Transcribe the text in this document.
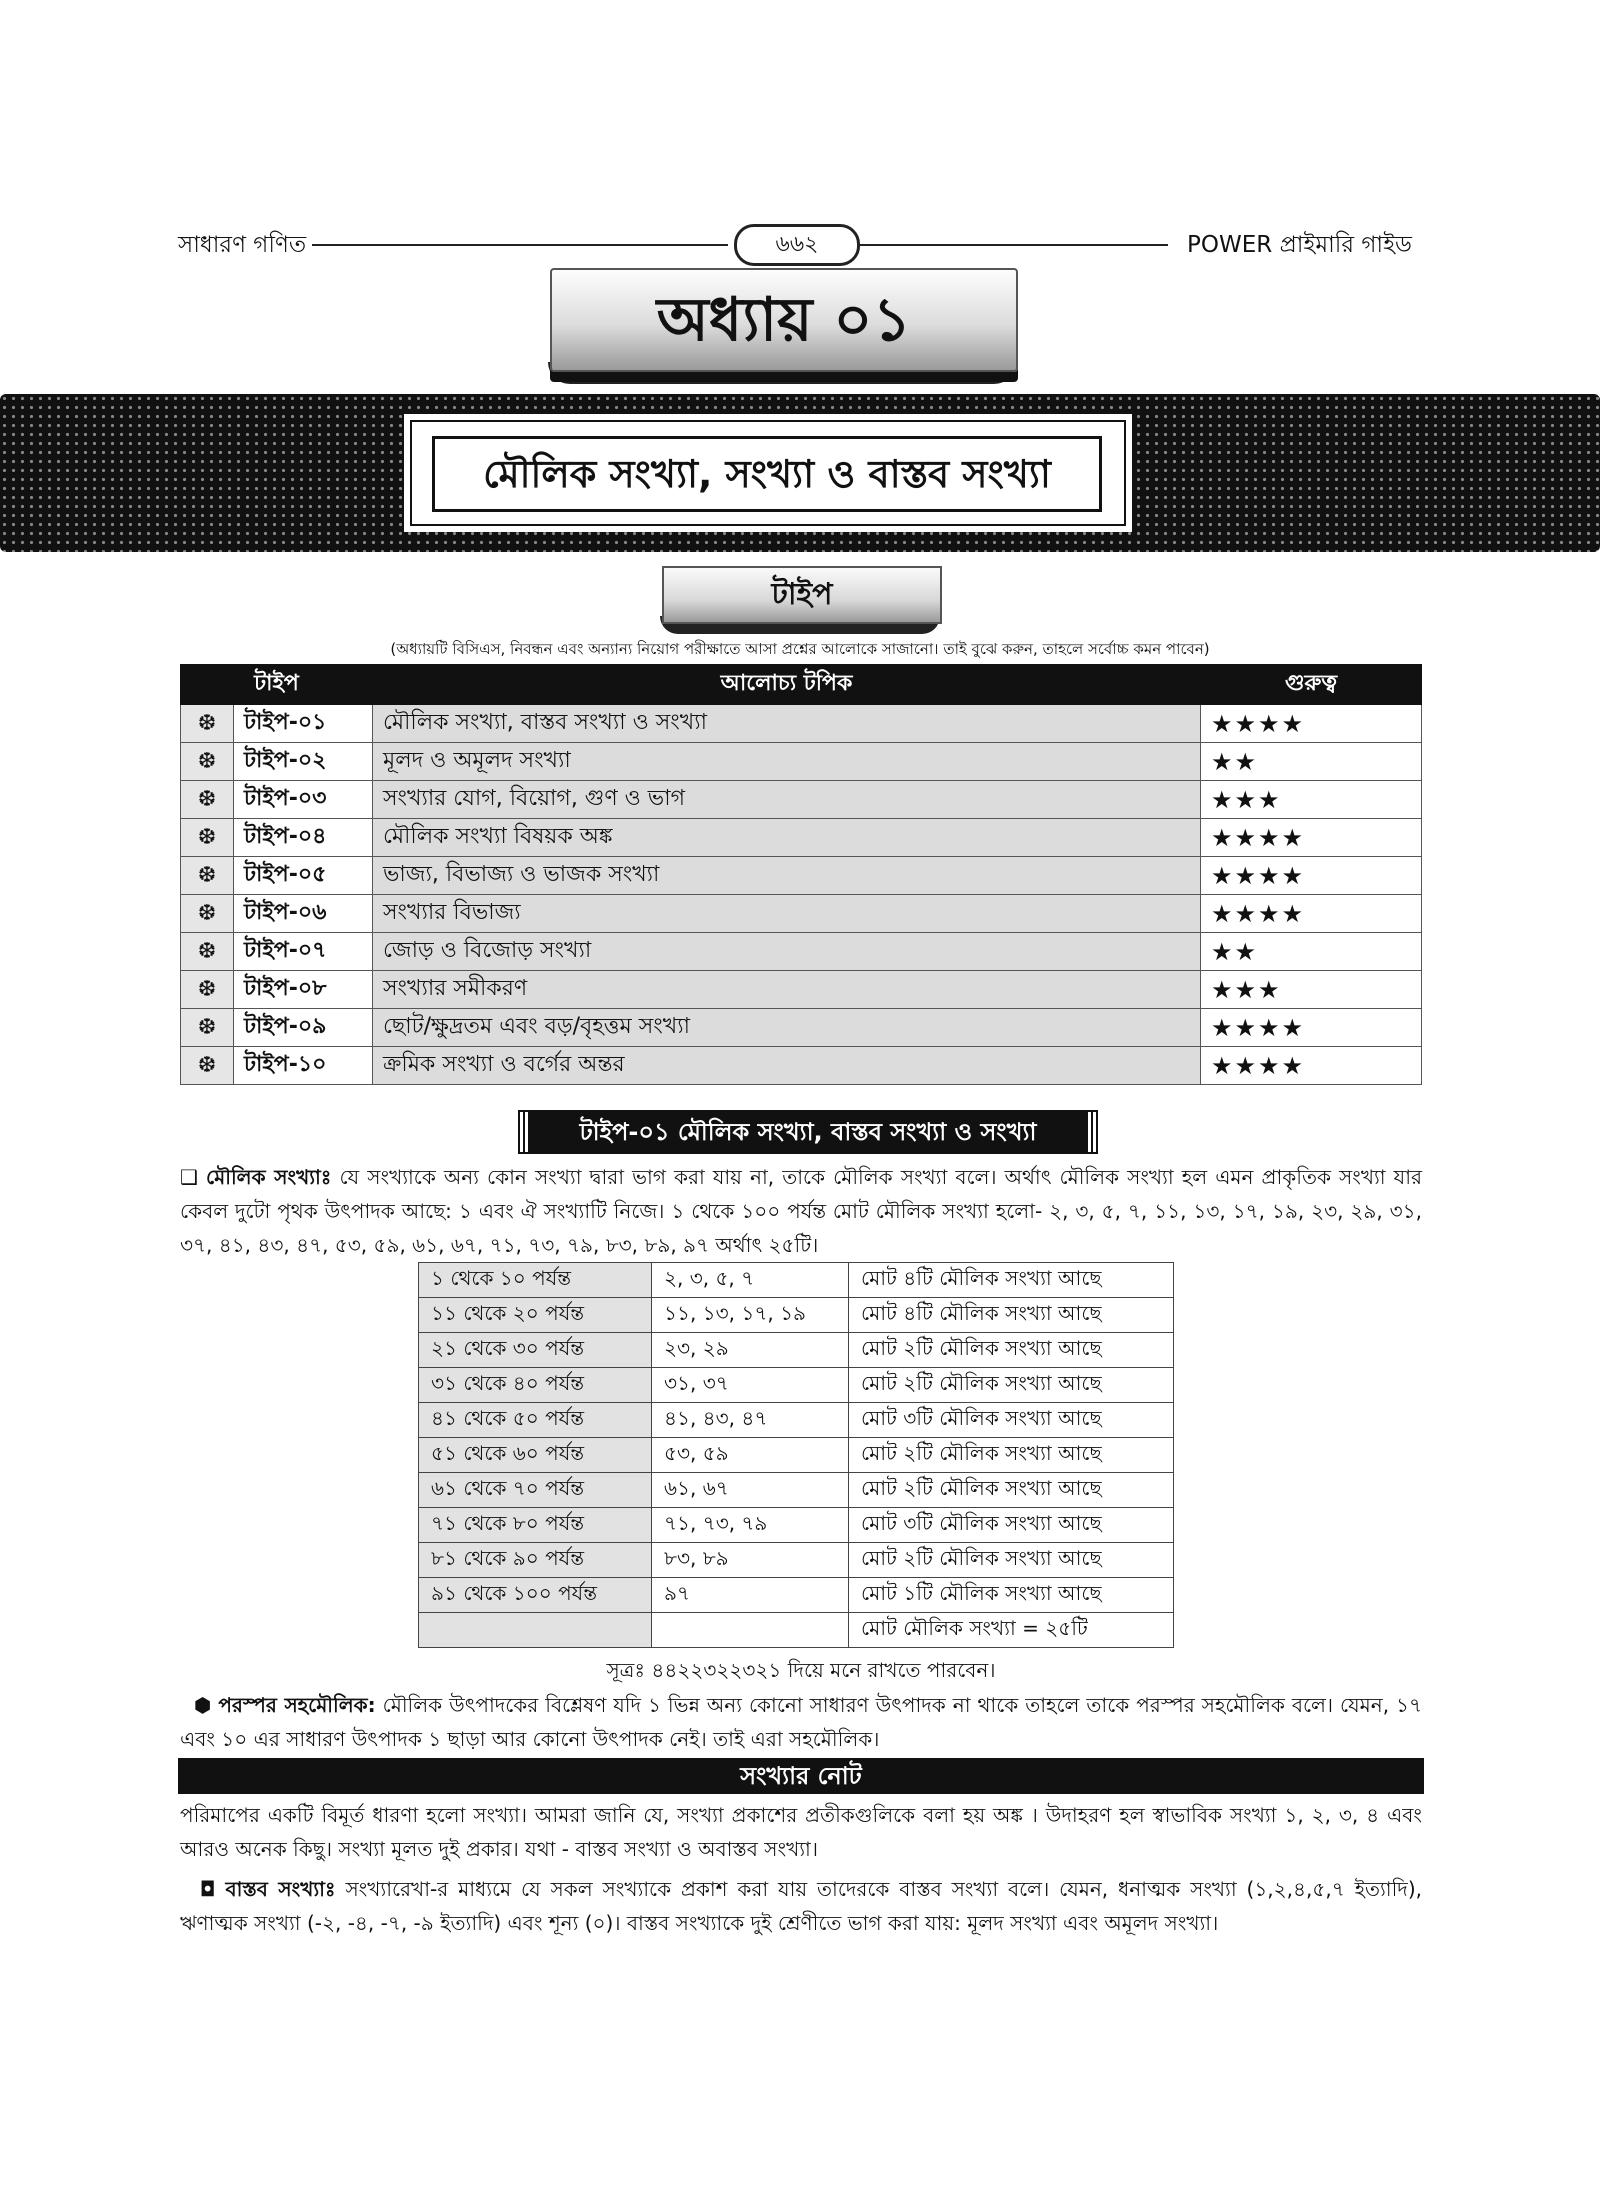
সাধারণ গণিত	৬৬২	POWER প্রাইমারি গাইড
অধ্যায় ০১
মৌলিক সংখ্যা, সংখ্যা ও বাস্তব সংখ্যা
টাইপ
(অধ্যায়টি বিসিএস, নিবন্ধন এবং অন্যান্য নিয়োগ পরীক্ষাতে আসা প্রশ্নের আলোকে সাজানো। তাই বুঝে করুন, তাহলে সর্বোচ্চ কমন পাবেন)
টাইপ		আলোচ্য টপিক	গুরুত্ব
❆	টাইপ-০১	মৌলিক সংখ্যা, বাস্তব সংখ্যা ও সংখ্যা	★★★★
❆	টাইপ-০২	মূলদ ও অমূলদ সংখ্যা	★★
❆	টাইপ-০৩	সংখ্যার যোগ, বিয়োগ, গুণ ও ভাগ	★★★
❆	টাইপ-০৪	মৌলিক সংখ্যা বিষয়ক অঙ্ক	★★★★
❆	টাইপ-০৫	ভাজ্য, বিভাজ্য ও ভাজক সংখ্যা	★★★★
❆	টাইপ-০৬	সংখ্যার বিভাজ্য	★★★★
❆	টাইপ-০৭	জোড় ও বিজোড় সংখ্যা	★★
❆	টাইপ-০৮	সংখ্যার সমীকরণ	★★★
❆	টাইপ-০৯	ছোট/ক্ষুদ্রতম এবং বড়/বৃহত্তম সংখ্যা	★★★★
❆	টাইপ-১০	ক্রমিক সংখ্যা ও বর্গের অন্তর	★★★★
টাইপ-০১ মৌলিক সংখ্যা, বাস্তব সংখ্যা ও সংখ্যা
❑ মৌলিক সংখ্যাঃ যে সংখ্যাকে অন্য কোন সংখ্যা দ্বারা ভাগ করা যায় না, তাকে মৌলিক সংখ্যা বলে। অর্থাৎ মৌলিক সংখ্যা হল এমন প্রাকৃতিক সংখ্যা যার কেবল দুটো পৃথক উৎপাদক আছে: ১ এবং ঐ সংখ্যাটি নিজে। ১ থেকে ১০০ পর্যন্ত মোট মৌলিক সংখ্যা হলো- ২, ৩, ৫, ৭, ১১, ১৩, ১৭, ১৯, ২৩, ২৯, ৩১, ৩৭, ৪১, ৪৩, ৪৭, ৫৩, ৫৯, ৬১, ৬৭, ৭১, ৭৩, ৭৯, ৮৩, ৮৯, ৯৭ অর্থাৎ ২৫টি।
১ থেকে ১০ পর্যন্ত	২, ৩, ৫, ৭	মোট ৪টি মৌলিক সংখ্যা আছে
১১ থেকে ২০ পর্যন্ত	১১, ১৩, ১৭, ১৯	মোট ৪টি মৌলিক সংখ্যা আছে
২১ থেকে ৩০ পর্যন্ত	২৩, ২৯	মোট ২টি মৌলিক সংখ্যা আছে
৩১ থেকে ৪০ পর্যন্ত	৩১, ৩৭	মোট ২টি মৌলিক সংখ্যা আছে
৪১ থেকে ৫০ পর্যন্ত	৪১, ৪৩, ৪৭	মোট ৩টি মৌলিক সংখ্যা আছে
৫১ থেকে ৬০ পর্যন্ত	৫৩, ৫৯	মোট ২টি মৌলিক সংখ্যা আছে
৬১ থেকে ৭০ পর্যন্ত	৬১, ৬৭	মোট ২টি মৌলিক সংখ্যা আছে
৭১ থেকে ৮০ পর্যন্ত	৭১, ৭৩, ৭৯	মোট ৩টি মৌলিক সংখ্যা আছে
৮১ থেকে ৯০ পর্যন্ত	৮৩, ৮৯	মোট ২টি মৌলিক সংখ্যা আছে
৯১ থেকে ১০০ পর্যন্ত	৯৭	মোট ১টি মৌলিক সংখ্যা আছে
		মোট মৌলিক সংখ্যা = ২৫টি
সূত্রঃ ৪৪২২৩২২৩২১ দিয়ে মনে রাখতে পারবেন।
⬢ পরস্পর সহমৌলিক: মৌলিক উৎপাদকের বিশ্লেষণ যদি ১ ভিন্ন অন্য কোনো সাধারণ উৎপাদক না থাকে তাহলে তাকে পরস্পর সহমৌলিক বলে। যেমন, ১৭ এবং ১০ এর সাধারণ উৎপাদক ১ ছাড়া আর কোনো উৎপাদক নেই। তাই এরা সহমৌলিক।
সংখ্যার নোট
পরিমাপের একটি বিমূর্ত ধারণা হলো সংখ্যা। আমরা জানি যে, সংখ্যা প্রকাশের প্রতীকগুলিকে বলা হয় অঙ্ক । উদাহরণ হল স্বাভাবিক সংখ্যা ১, ২, ৩, ৪ এবং আরও অনেক কিছু। সংখ্যা মূলত দুই প্রকার। যথা - বাস্তব সংখ্যা ও অবাস্তব সংখ্যা।
◘ বাস্তব সংখ্যাঃ সংখ্যারেখা-র মাধ্যমে যে সকল সংখ্যাকে প্রকাশ করা যায় তাদেরকে বাস্তব সংখ্যা বলে। যেমন, ধনাত্মক সংখ্যা (১,২,৪,৫,৭ ইত্যাদি), ঋণাত্মক সংখ্যা (-২, -৪, -৭, -৯ ইত্যাদি) এবং শূন্য (০)। বাস্তব সংখ্যাকে দুই শ্রেণীতে ভাগ করা যায়: মূলদ সংখ্যা এবং অমূলদ সংখ্যা।
